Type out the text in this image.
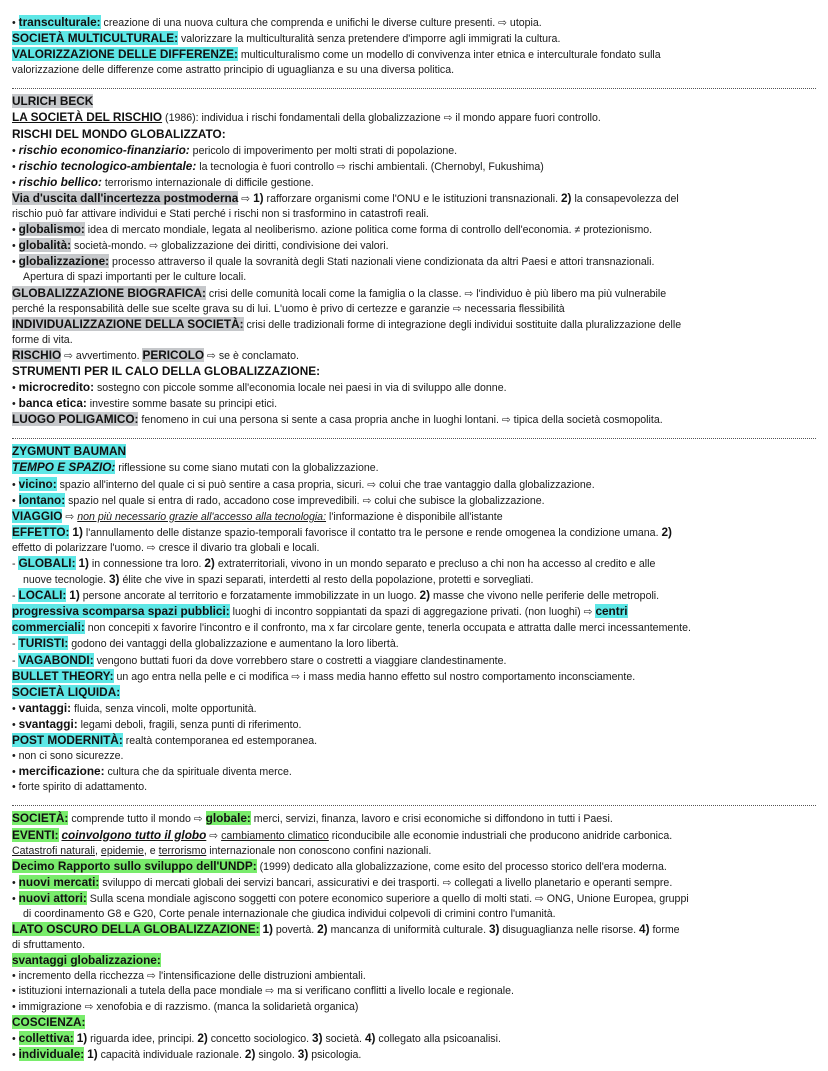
• transculturale: creazione di una nuova cultura che comprenda e unifichi le diverse culture presenti. ⇨ utopia.
SOCIETÀ MULTICULTURALE: valorizzare la multiculturalità senza pretendere d'imporre agli immigrati la cultura.
VALORIZZAZIONE DELLE DIFFERENZE: multiculturalismo come un modello di convivenza inter etnica e interculturale fondato sulla
valorizzazione delle differenze come astratto principio di uguaglianza e su una diversa politica.
ULRICH BECK
LA SOCIETÀ DEL RISCHIO (1986): individua i rischi fondamentali della globalizzazione ⇨ il mondo appare fuori controllo.
RISCHI DEL MONDO GLOBALIZZATO:
• rischio economico-finanziario: pericolo di impoverimento per molti strati di popolazione.
• rischio tecnologico-ambientale: la tecnologia è fuori controllo ⇨ rischi ambientali. (Chernobyl, Fukushima)
• rischio bellico: terrorismo internazionale di difficile gestione.
Via d'uscita dall'incertezza postmoderna ⇨ 1) rafforzare organismi come l'ONU e le istituzioni transnazionali. 2) la consapevolezza del
rischio può far attivare individui e Stati perché i rischi non si trasformino in catastrofi reali.
• globalismo: idea di mercato mondiale, legata al neoliberismo. azione politica come forma di controllo dell'economia. ≠ protezionismo.
• globalità: società-mondo. ⇨ globalizzazione dei diritti, condivisione dei valori.
• globalizzazione: processo attraverso il quale la sovranità degli Stati nazionali viene condizionata da altri Paesi e attori transnazionali.
Apertura di spazi importanti per le culture locali.
GLOBALIZZAZIONE BIOGRAFICA: crisi delle comunità locali come la famiglia o la classe. ⇨ l'individuo è più libero ma più vulnerabile
perché la responsabilità delle sue scelte grava su di lui. L'uomo è privo di certezze e garanzie ⇨ necessaria flessibilità
INDIVIDUALIZZAZIONE DELLA SOCIETÀ: crisi delle tradizionali forme di integrazione degli individui sostituite dalla pluralizzazione delle
forme di vita.
RISCHIO ⇨ avvertimento. PERICOLO ⇨ se è conclamato.
STRUMENTI PER IL CALO DELLA GLOBALIZZAZIONE:
• microcredito: sostegno con piccole somme all'economia locale nei paesi in via di sviluppo alle donne.
• banca etica: investire somme basate su principi etici.
LUOGO POLIGAMICO: fenomeno in cui una persona si sente a casa propria anche in luoghi lontani. ⇨ tipica della società cosmopolita.
ZYGMUNT BAUMAN
TEMPO E SPAZIO: riflessione su come siano mutati con la globalizzazione.
• vicino: spazio all'interno del quale ci si può sentire a casa propria, sicuri. ⇨ colui che trae vantaggio dalla globalizzazione.
• lontano: spazio nel quale si entra di rado, accadono cose imprevedibili. ⇨ colui che subisce la globalizzazione.
VIAGGIO ⇨ non più necessario grazie all'accesso alla tecnologia: l'informazione è disponibile all'istante
EFFETTO: 1) l'annullamento delle distanze spazio-temporali favorisce il contatto tra le persone e rende omogenea la condizione umana. 2)
effetto di polarizzare l'uomo. ⇨ cresce il divario tra globali e locali.
- GLOBALI: 1) in connessione tra loro. 2) extraterritoriali, vivono in un mondo separato e precluso a chi non ha accesso al credito e alle
nuove tecnologie. 3) élite che vive in spazi separati, interdetti al resto della popolazione, protetti e sorvegliati.
- LOCALI: 1) persone ancorate al territorio e forzatamente immobilizzate in un luogo. 2) masse che vivono nelle periferie delle metropoli.
progressiva scomparsa spazi pubblici: luoghi di incontro soppiantati da spazi di aggregazione privati. (non luoghi) ⇨ centri
commerciali: non concepiti x favorire l'incontro e il confronto, ma x far circolare gente, tenerla occupata e attratta dalle merci incessantemente.
- TURISTI: godono dei vantaggi della globalizzazione e aumentano la loro libertà.
- VAGABONDI: vengono buttati fuori da dove vorrebbero stare o costretti a viaggiare clandestinamente.
BULLET THEORY: un ago entra nella pelle e ci modifica ⇨ i mass media hanno effetto sul nostro comportamento inconsciamente.
SOCIETÀ LIQUIDA:
• vantaggi: fluida, senza vincoli, molte opportunità.
• svantaggi: legami deboli, fragili, senza punti di riferimento.
POST MODERNITÀ: realtà contemporanea ed estemporanea.
• non ci sono sicurezze.
• mercificazione: cultura che da spirituale diventa merce.
• forte spirito di adattamento.
SOCIETÀ: comprende tutto il mondo ⇨ globale: merci, servizi, finanza, lavoro e crisi economiche si diffondono in tutti i Paesi.
EVENTI: coinvolgono tutto il globo ⇨ cambiamento climatico riconducibile alle economie industriali che producono anidride carbonica.
Catastrofi naturali, epidemie, e terrorismo internazionale non conoscono confini nazionali.
Decimo Rapporto sullo sviluppo dell'UNDP: (1999) dedicato alla globalizzazione, come esito del processo storico dell'era moderna.
• nuovi mercati: sviluppo di mercati globali dei servizi bancari, assicurativi e dei trasporti. ⇨ collegati a livello planetario e operanti sempre.
• nuovi attori: Sulla scena mondiale agiscono soggetti con potere economico superiore a quello di molti stati. ⇨ ONG, Unione Europea, gruppi
di coordinamento G8 e G20, Corte penale internazionale che giudica individui colpevoli di crimini contro l'umanità.
LATO OSCURO DELLA GLOBALIZZAZIONE: 1) povertà. 2) mancanza di uniformità culturale. 3) disuguaglianza nelle risorse. 4) forme
di sfruttamento.
svantaggi globalizzazione:
• incremento della ricchezza ⇨ l'intensificazione delle distruzioni ambientali.
• istituzioni internazionali a tutela della pace mondiale ⇨ ma si verificano conflitti a livello locale e regionale.
• immigrazione ⇨ xenofobia e di razzismo. (manca la solidarietà organica)
COSCIENZA:
• collettiva: 1) riguarda idee, principi. 2) concetto sociologico. 3) società. 4) collegato alla psicoanalisi.
• individuale: 1) capacità individuale razionale. 2) singolo. 3) psicologia.
